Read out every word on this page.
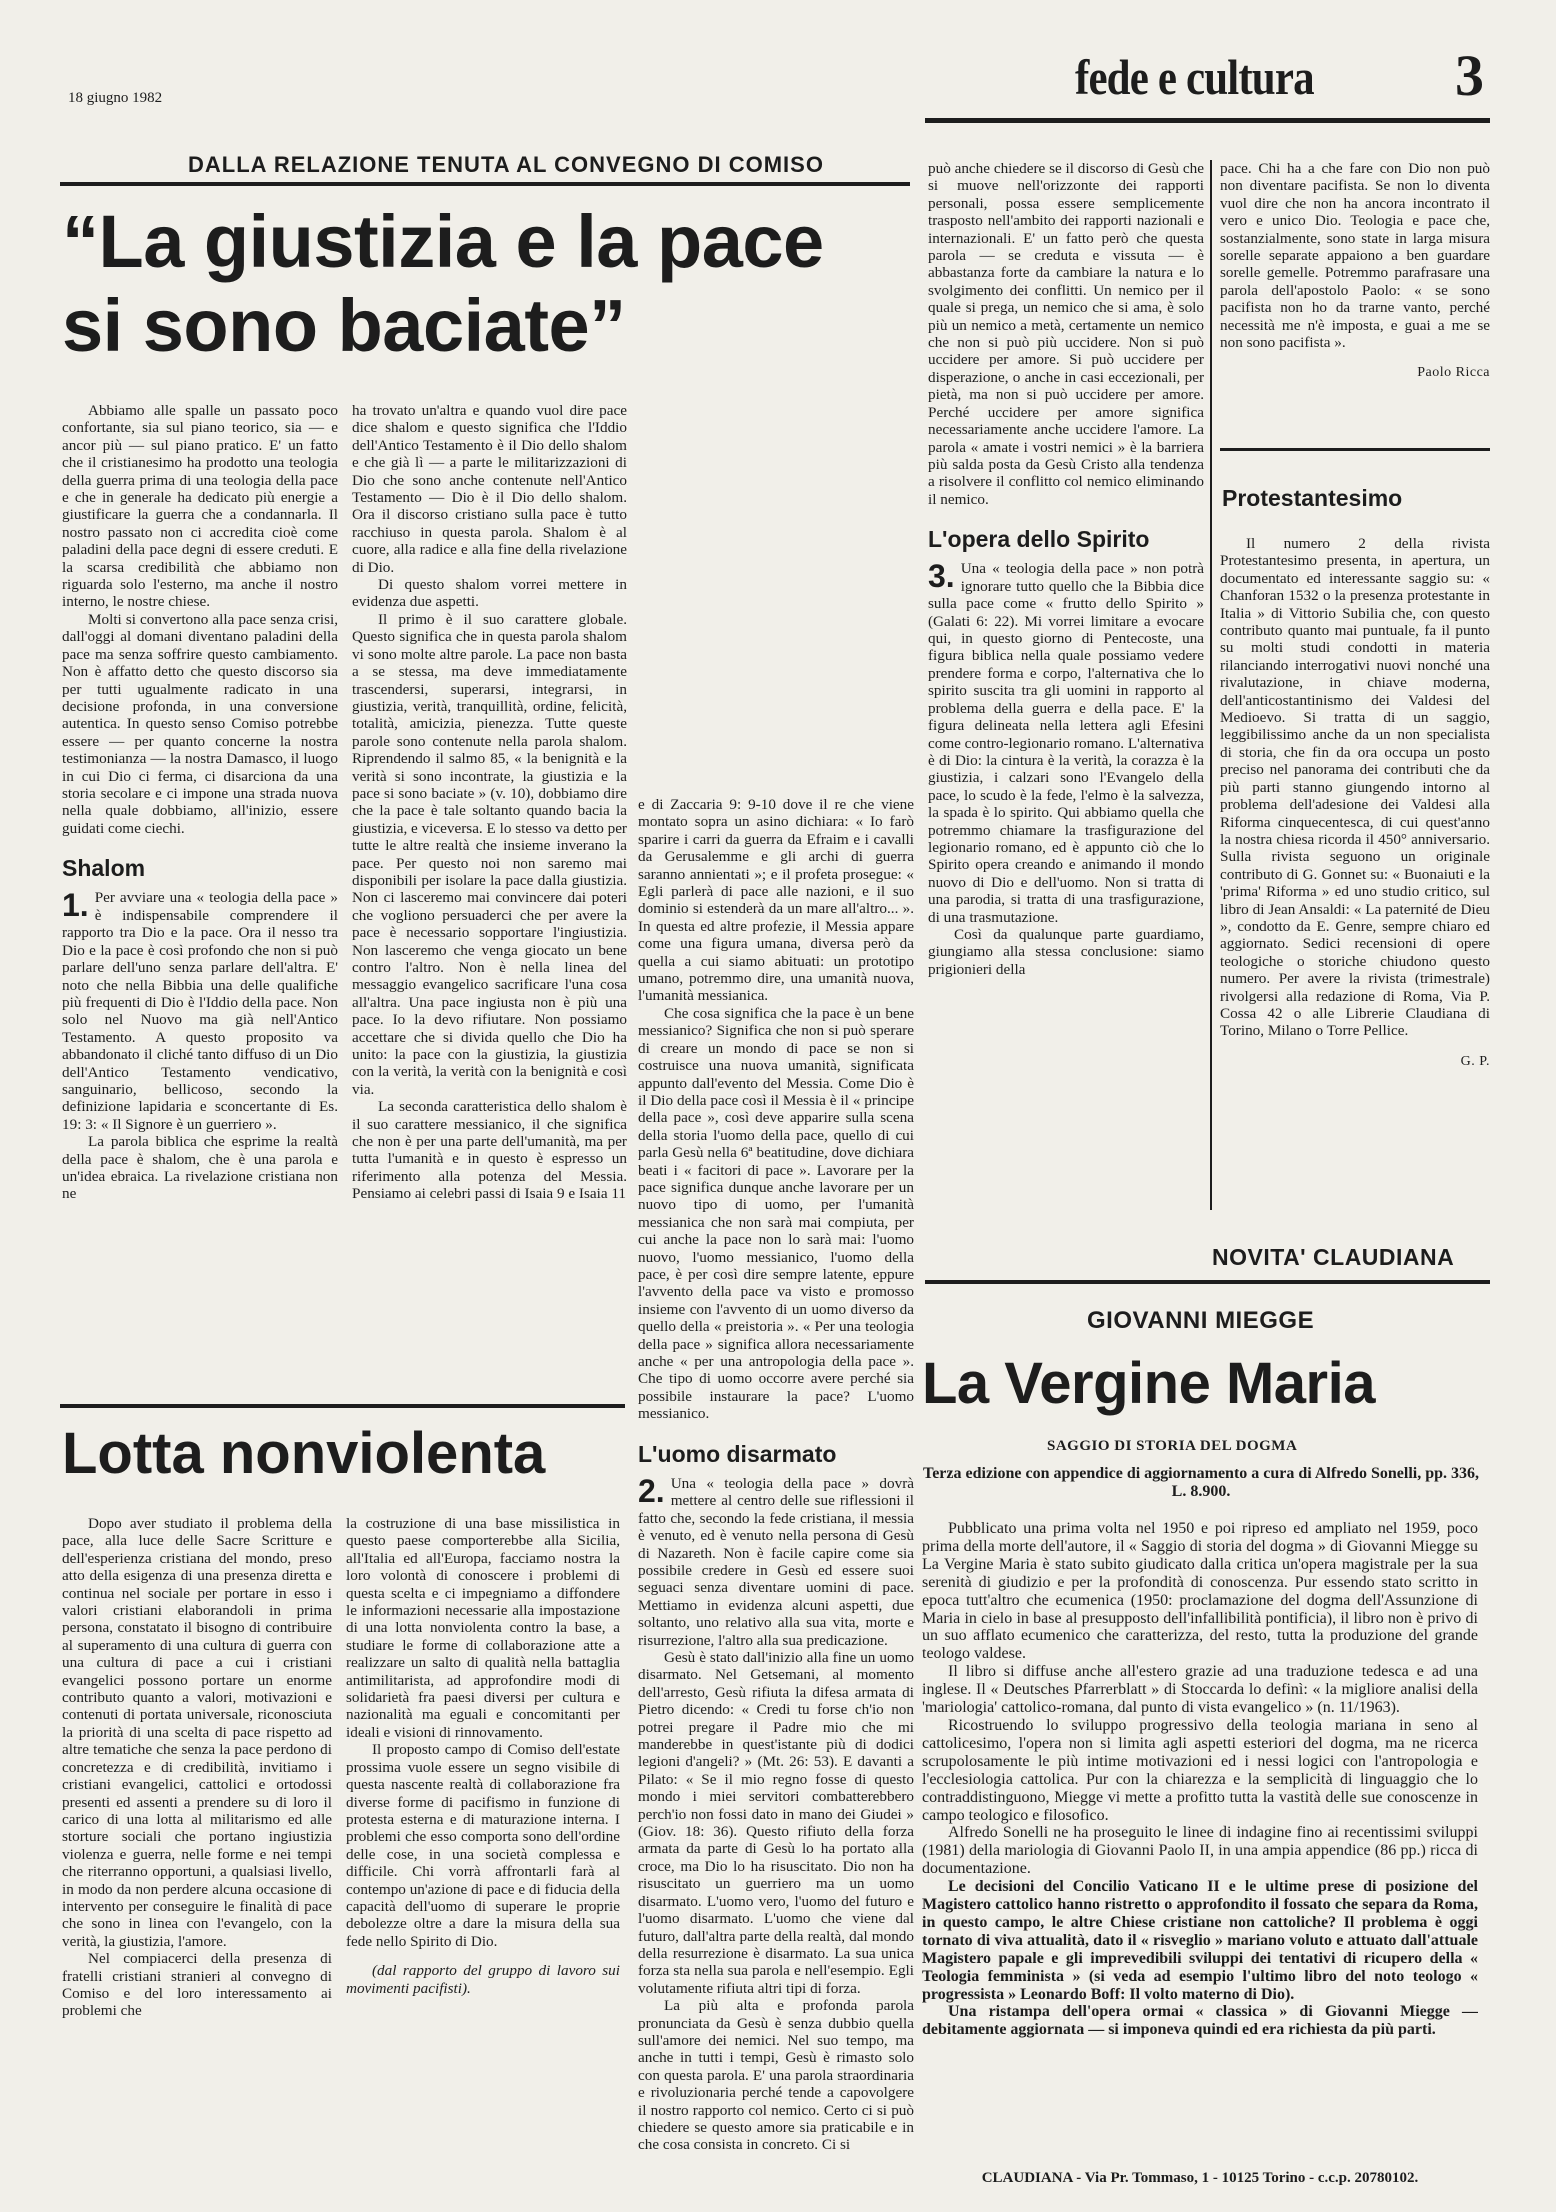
18 giugno 1982	fede e cultura 3
DALLA RELAZIONE TENUTA AL CONVEGNO DI COMISO
“La giustizia e la pace
si sono baciate”

Abbiamo alle spalle un passato poco confortante, sia sul piano teorico, sia — e ancor più — sul piano pratico. E' un fatto che il cristianesimo ha prodotto una teologia della guerra prima di una teologia della pace e che in generale ha dedicato più energie a giustificare la guerra che a condannarla. Il nostro passato non ci accredita cioè come paladini della pace degni di essere creduti. E la scarsa credibilità che abbiamo non riguarda solo l'esterno, ma anche il nostro interno, le nostre chiese.

Molti si convertono alla pace senza crisi, dall'oggi al domani diventano paladini della pace ma senza soffrire questo cambiamento. Non è affatto detto che questo discorso sia per tutti ugualmente radicato in una decisione profonda, in una conversione autentica. In questo senso Comiso potrebbe essere — per quanto concerne la nostra testimonianza — la nostra Damasco, il luogo in cui Dio ci ferma, ci disarciona da una storia secolare e ci impone una strada nuova nella quale dobbiamo, all'inizio, essere guidati come ciechi.

Shalom

1. Per avviare una « teologia della pace » è indispensabile comprendere il rapporto tra Dio e la pace. Ora il nesso tra Dio e la pace è così profondo che non si può parlare dell'uno senza parlare dell'altra. E' noto che nella Bibbia una delle qualifiche più frequenti di Dio è l'Iddio della pace. Non solo nel Nuovo ma già nell'Antico Testamento. A questo proposito va abbandonato il cliché tanto diffuso di un Dio dell'Antico Testamento vendicativo, sanguinario, bellicoso, secondo la definizione lapidaria e sconcertante di Es. 19: 3: « Il Signore è un guerriero ».

La parola biblica che esprime la realtà della pace è shalom, che è una parola e un'idea ebraica. La rivelazione cristiana non ne

ha trovato un'altra e quando vuol dire pace dice shalom e questo significa che l'Iddio dell'Antico Testamento è il Dio dello shalom e che già lì — a parte le militarizzazioni di Dio che sono anche contenute nell'Antico Testamento — Dio è il Dio dello shalom. Ora il discorso cristiano sulla pace è tutto racchiuso in questa parola. Shalom è al cuore, alla radice e alla fine della rivelazione di Dio.

Di questo shalom vorrei mettere in evidenza due aspetti.

Il primo è il suo carattere globale. Questo significa che in questa parola shalom vi sono molte altre parole. La pace non basta a se stessa, ma deve immediatamente trascendersi, superarsi, integrarsi, in giustizia, verità, tranquillità, ordine, felicità, totalità, amicizia, pienezza. Tutte queste parole sono contenute nella parola shalom. Riprendendo il salmo 85, « la benignità e la verità si sono incontrate, la giustizia e la pace si sono baciate » (v. 10), dobbiamo dire che la pace è tale soltanto quando bacia la giustizia, e viceversa. E lo stesso va detto per tutte le altre realtà che insieme inverano la pace. Per questo noi non saremo mai disponibili per isolare la pace dalla giustizia. Non ci lasceremo mai convincere dai poteri che vogliono persuaderci che per avere la pace è necessario sopportare l'ingiustizia. Non lasceremo che venga giocato un bene contro l'altro. Non è nella linea del messaggio evangelico sacrificare l'una cosa all'altra. Una pace ingiusta non è più una pace. Io la devo rifiutare. Non possiamo accettare che si divida quello che Dio ha unito: la pace con la giustizia, la giustizia con la verità, la verità con la benignità e così via.

La seconda caratteristica dello shalom è il suo carattere messianico, il che significa che non è per una parte dell'umanità, ma per tutta l'umanità e in questo è espresso un riferimento alla potenza del Messia. Pensiamo ai celebri passi di Isaia 9 e Isaia 11

e di Zaccaria 9: 9-10 dove il re che viene montato sopra un asino dichiara: « Io farò sparire i carri da guerra da Efraim e i cavalli da Gerusalemme e gli archi di guerra saranno annientati »; e il profeta prosegue: « Egli parlerà di pace alle nazioni, e il suo dominio si estenderà da un mare all'altro... ». In questa ed altre profezie, il Messia appare come una figura umana, diversa però da quella a cui siamo abituati: un prototipo umano, potremmo dire, una umanità nuova, l'umanità messianica.

Che cosa significa che la pace è un bene messianico? Significa che non si può sperare di creare un mondo di pace se non si costruisce una nuova umanità, significata appunto dall'evento del Messia. Come Dio è il Dio della pace così il Messia è il « principe della pace », così deve apparire sulla scena della storia l'uomo della pace, quello di cui parla Gesù nella 6ª beatitudine, dove dichiara beati i « facitori di pace ». Lavorare per la pace significa dunque anche lavorare per un nuovo tipo di uomo, per l'umanità messianica che non sarà mai compiuta, per cui anche la pace non lo sarà mai: l'uomo nuovo, l'uomo messianico, l'uomo della pace, è per così dire sempre latente, eppure l'avvento della pace va visto e promosso insieme con l'avvento di un uomo diverso da quello della « preistoria ». « Per una teologia della pace » significa allora necessariamente anche « per una antropologia della pace ». Che tipo di uomo occorre avere perché sia possibile instaurare la pace? L'uomo messianico.

L'uomo disarmato

2. Una « teologia della pace » dovrà mettere al centro delle sue riflessioni il fatto che, secondo la fede cristiana, il messia è venuto, ed è venuto nella persona di Gesù di Nazareth. Non è facile capire come sia possibile credere in Gesù ed essere suoi seguaci senza diventare uomini di pace. Mettiamo in evidenza alcuni aspetti, due soltanto, uno relativo alla sua vita, morte e risurrezione, l'altro alla sua predicazione.

Gesù è stato dall'inizio alla fine un uomo disarmato. Nel Getsemani, al momento dell'arresto, Gesù rifiuta la difesa armata di Pietro dicendo: « Credi tu forse ch'io non potrei pregare il Padre mio che mi manderebbe in quest'istante più di dodici legioni d'angeli? » (Mt. 26: 53). E davanti a Pilato: « Se il mio regno fosse di questo mondo i miei servitori combatterebbero perch'io non fossi dato in mano dei Giudei » (Giov. 18: 36). Questo rifiuto della forza armata da parte di Gesù lo ha portato alla croce, ma Dio lo ha risuscitato. Dio non ha risuscitato un guerriero ma un uomo disarmato. L'uomo vero, l'uomo del futuro e l'uomo disarmato. L'uomo che viene dal futuro, dall'altra parte della realtà, dal mondo della resurrezione è disarmato. La sua unica forza sta nella sua parola e nell'esempio. Egli volutamente rifiuta altri tipi di forza.

La più alta e profonda parola pronunciata da Gesù è senza dubbio quella sull'amore dei nemici. Nel suo tempo, ma anche in tutti i tempi, Gesù è rimasto solo con questa parola. E' una parola straordinaria e rivoluzionaria perché tende a capovolgere il nostro rapporto col nemico. Certo ci si può chiedere se questo amore sia praticabile e in che cosa consista in concreto. Ci si

può anche chiedere se il discorso di Gesù che si muove nell'orizzonte dei rapporti personali, possa essere semplicemente trasposto nell'ambito dei rapporti nazionali e internazionali. E' un fatto però che questa parola — se creduta e vissuta — è abbastanza forte da cambiare la natura e lo svolgimento dei conflitti. Un nemico per il quale si prega, un nemico che si ama, è solo più un nemico a metà, certamente un nemico che non si può più uccidere. Non si può uccidere per amore. Si può uccidere per disperazione, o anche in casi eccezionali, per pietà, ma non si può uccidere per amore. Perché uccidere per amore significa necessariamente anche uccidere l'amore. La parola « amate i vostri nemici » è la barriera più salda posta da Gesù Cristo alla tendenza a risolvere il conflitto col nemico eliminando il nemico.

L'opera dello Spirito

3. Una « teologia della pace » non potrà ignorare tutto quello che la Bibbia dice sulla pace come « frutto dello Spirito » (Galati 6: 22). Mi vorrei limitare a evocare qui, in questo giorno di Pentecoste, una figura biblica nella quale possiamo vedere prendere forma e corpo, l'alternativa che lo spirito suscita tra gli uomini in rapporto al problema della guerra e della pace. E' la figura delineata nella lettera agli Efesini come contro-legionario romano. L'alternativa è di Dio: la cintura è la verità, la corazza è la giustizia, i calzari sono l'Evangelo della pace, lo scudo è la fede, l'elmo è la salvezza, la spada è lo spirito. Qui abbiamo quella che potremmo chiamare la trasfigurazione del legionario romano, ed è appunto ciò che lo Spirito opera creando e animando il mondo nuovo di Dio e dell'uomo. Non si tratta di una parodia, si tratta di una trasfigurazione, di una trasmutazione.

Così da qualunque parte guardiamo, giungiamo alla stessa conclusione: siamo prigionieri della

pace. Chi ha a che fare con Dio non può non diventare pacifista. Se non lo diventa vuol dire che non ha ancora incontrato il vero e unico Dio. Teologia e pace che, sostanzialmente, sono state in larga misura sorelle separate appaiono a ben guardare sorelle gemelle. Potremmo parafrasare una parola dell'apostolo Paolo: « se sono pacifista non ho da trarne vanto, perché necessità me n'è imposta, e guai a me se non sono pacifista ».

Paolo Ricca
Protestantesimo

Il numero 2 della rivista Protestantesimo presenta, in apertura, un documentato ed interessante saggio su: « Chanforan 1532 o la presenza protestante in Italia » di Vittorio Subilia che, con questo contributo quanto mai puntuale, fa il punto su molti studi condotti in materia rilanciando interrogativi nuovi nonché una rivalutazione, in chiave moderna, dell'anticostantinismo dei Valdesi del Medioevo. Si tratta di un saggio, leggibilissimo anche da un non specialista di storia, che fin da ora occupa un posto preciso nel panorama dei contributi che da più parti stanno giungendo intorno al problema dell'adesione dei Valdesi alla Riforma cinquecentesca, di cui quest'anno la nostra chiesa ricorda il 450° anniversario. Sulla rivista seguono un originale contributo di G. Gonnet su: « Buonaiuti e la 'prima' Riforma » ed uno studio critico, sul libro di Jean Ansaldi: « La paternité de Dieu », condotto da E. Genre, sempre chiaro ed aggiornato. Sedici recensioni di opere teologiche o storiche chiudono questo numero. Per avere la rivista (trimestrale) rivolgersi alla redazione di Roma, Via P. Cossa 42 o alle Librerie Claudiana di Torino, Milano o Torre Pellice.

G. P.
Lotta nonviolenta

Dopo aver studiato il problema della pace, alla luce delle Sacre Scritture e dell'esperienza cristiana del mondo, preso atto della esigenza di una presenza diretta e continua nel sociale per portare in esso i valori cristiani elaborandoli in prima persona, constatato il bisogno di contribuire al superamento di una cultura di guerra con una cultura di pace a cui i cristiani evangelici possono portare un enorme contributo quanto a valori, motivazioni e contenuti di portata universale, riconosciuta la priorità di una scelta di pace rispetto ad altre tematiche che senza la pace perdono di concretezza e di credibilità, invitiamo i cristiani evangelici, cattolici e ortodossi presenti ed assenti a prendere su di loro il carico di una lotta al militarismo ed alle storture sociali che portano ingiustizia violenza e guerra, nelle forme e nei tempi che riterranno opportuni, a qualsiasi livello, in modo da non perdere alcuna occasione di intervento per conseguire le finalità di pace che sono in linea con l'evangelo, con la verità, la giustizia, l'amore.

Nel compiacerci della presenza di fratelli cristiani stranieri al convegno di Comiso e del loro interessamento ai problemi che

la costruzione di una base missilistica in questo paese comporterebbe alla Sicilia, all'Italia ed all'Europa, facciamo nostra la loro volontà di conoscere i problemi di questa scelta e ci impegniamo a diffondere le informazioni necessarie alla impostazione di una lotta nonviolenta contro la base, a studiare le forme di collaborazione atte a realizzare un salto di qualità nella battaglia antimilitarista, ad approfondire modi di solidarietà fra paesi diversi per cultura e nazionalità ma eguali e concomitanti per ideali e visioni di rinnovamento.

Il proposto campo di Comiso dell'estate prossima vuole essere un segno visibile di questa nascente realtà di collaborazione fra diverse forme di pacifismo in funzione di protesta esterna e di maturazione interna. I problemi che esso comporta sono dell'ordine delle cose, in una società complessa e difficile. Chi vorrà affrontarli farà al contempo un'azione di pace e di fiducia della capacità dell'uomo di superare le proprie debolezze oltre a dare la misura della sua fede nello Spirito di Dio.

(dal rapporto del gruppo di lavoro sui movimenti pacifisti).

NOVITA' CLAUDIANA
GIOVANNI MIEGGE
La Vergine Maria
SAGGIO DI STORIA DEL DOGMA
Terza edizione con appendice di aggiornamento a cura di Alfredo Sonelli, pp. 336, L. 8.900.

Pubblicato una prima volta nel 1950 e poi ripreso ed ampliato nel 1959, poco prima della morte dell'autore, il « Saggio di storia del dogma » di Giovanni Miegge su La Vergine Maria è stato subito giudicato dalla critica un'opera magistrale per la sua serenità di giudizio e per la profondità di conoscenza. Pur essendo stato scritto in epoca tutt'altro che ecumenica (1950: proclamazione del dogma dell'Assunzione di Maria in cielo in base al presupposto dell'infallibilità pontificia), il libro non è privo di un suo afflato ecumenico che caratterizza, del resto, tutta la produzione del grande teologo valdese.

Il libro si diffuse anche all'estero grazie ad una traduzione tedesca e ad una inglese. Il « Deutsches Pfarrerblatt » di Stoccarda lo definì: « la migliore analisi della 'mariologia' cattolico-romana, dal punto di vista evangelico » (n. 11/1963).

Ricostruendo lo sviluppo progressivo della teologia mariana in seno al cattolicesimo, l'opera non si limita agli aspetti esteriori del dogma, ma ne ricerca scrupolosamente le più intime motivazioni ed i nessi logici con l'antropologia e l'ecclesiologia cattolica. Pur con la chiarezza e la semplicità di linguaggio che lo contraddistinguono, Miegge vi mette a profitto tutta la vastità delle sue conoscenze in campo teologico e filosofico.

Alfredo Sonelli ne ha proseguito le linee di indagine fino ai recentissimi sviluppi (1981) della mariologia di Giovanni Paolo II, in una ampia appendice (86 pp.) ricca di documentazione.

Le decisioni del Concilio Vaticano II e le ultime prese di posizione del Magistero cattolico hanno ristretto o approfondito il fossato che separa da Roma, in questo campo, le altre Chiese cristiane non cattoliche? Il problema è oggi tornato di viva attualità, dato il « risveglio » mariano voluto e attuato dall'attuale Magistero papale e gli imprevedibili sviluppi dei tentativi di ricupero della « Teologia femminista » (si veda ad esempio l'ultimo libro del noto teologo « progressista » Leonardo Boff: Il volto materno di Dio).

Una ristampa dell'opera ormai « classica » di Giovanni Miegge — debitamente aggiornata — si imponeva quindi ed era richiesta da più parti.

CLAUDIANA - Via Pr. Tommaso, 1 - 10125 Torino - c.c.p. 20780102.
